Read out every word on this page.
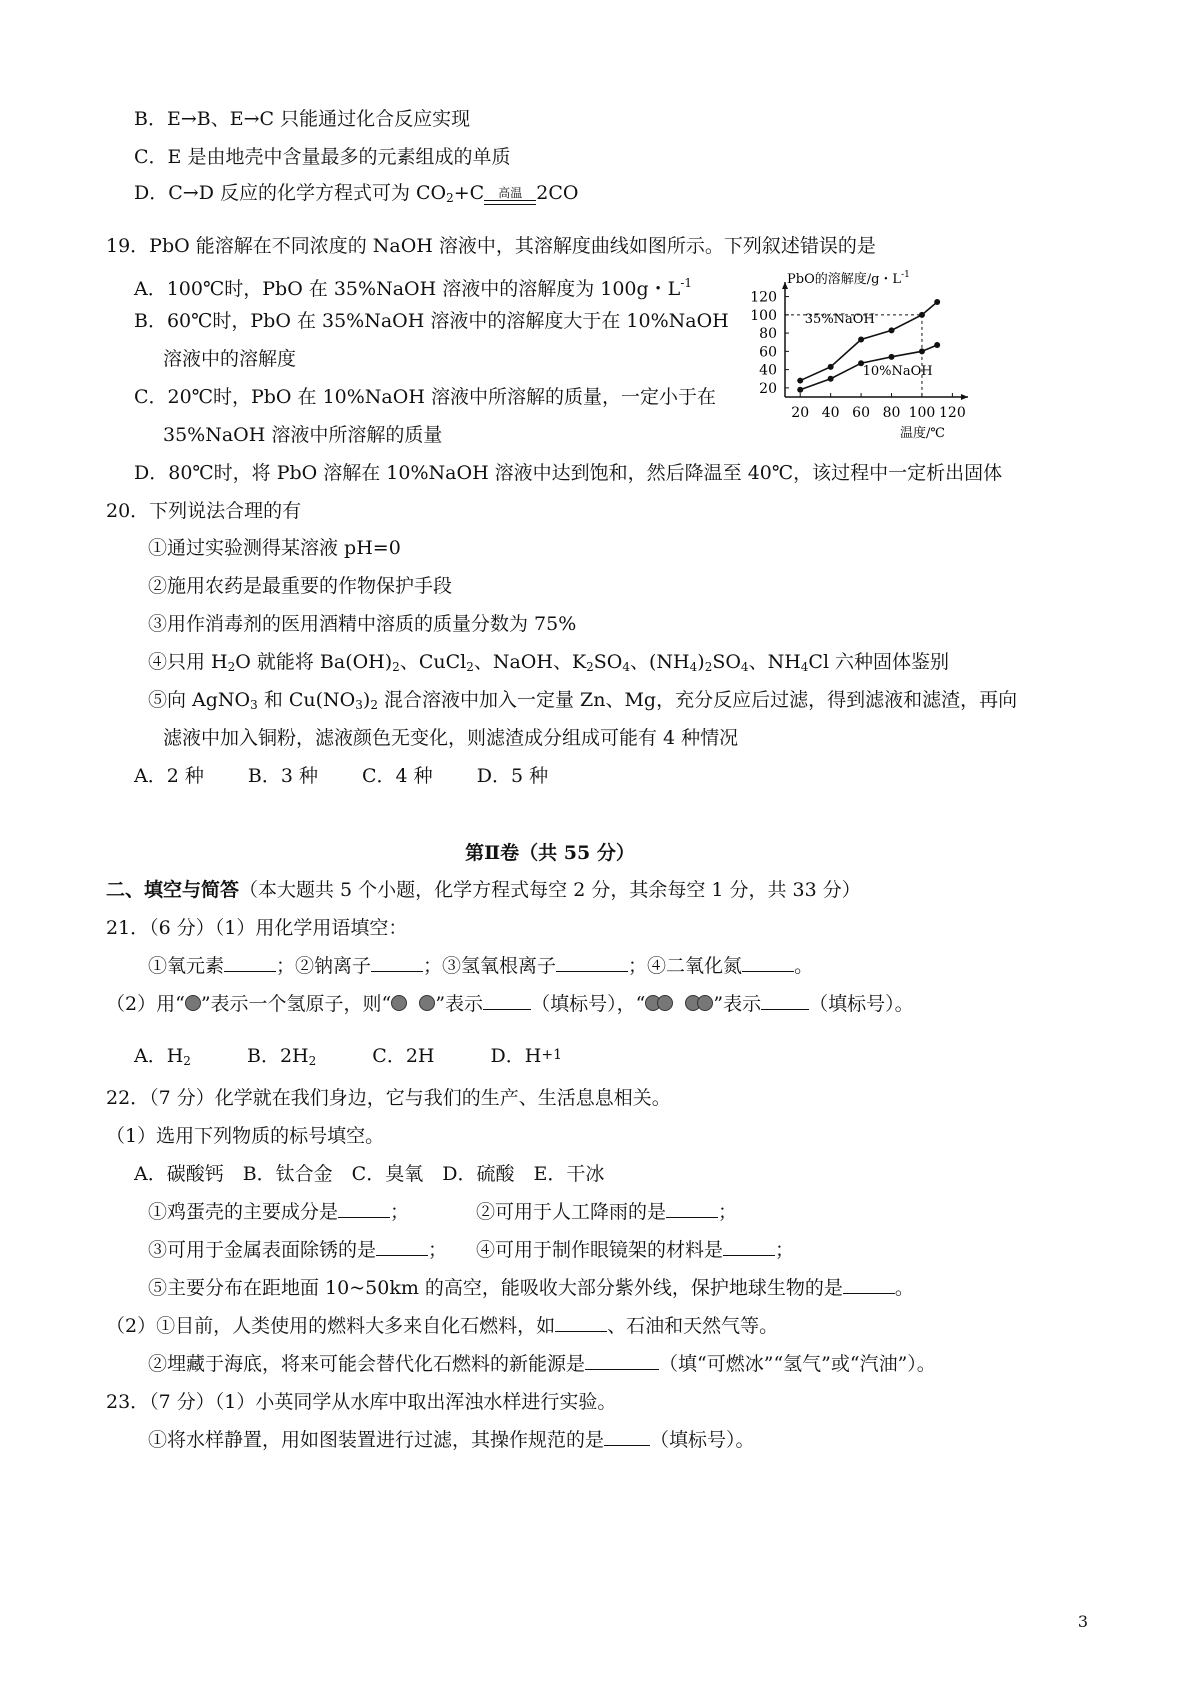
B．E→B、E→C 只能通过化合反应实现
C．E 是由地壳中含量最多的元素组成的单质
D．C→D 反应的化学方程式可为 $CO_2+C$	高温 2CO
19．PbO 能溶解在不同浓度的 NaOH 溶液中，其溶解度曲线如图所示。下列叙述错误的是
A．100℃时，PbO 在 35%NaOH 溶液中的溶解度为 100g・$L^{-1}$
B．60℃时，PbO 在 35%NaOH 溶液中的溶解度大于在 10%NaOH
溶液中的溶解度
C．20℃时，PbO 在 10%NaOH 溶液中所溶解的质量，一定小于在
35%NaOH 溶液中所溶解的质量
D．80℃时，将 PbO 溶解在 10%NaOH 溶液中达到饱和，然后降温至 40℃，该过程中一定析出固体
20 40 60 80 100 120
20
40
60
80
100
120
PbO的溶解度/g・$L^{-1}$
温度/℃
35%NaOH
10%NaOH
20．下列说法合理的有
①通过实验测得某溶液 pH=0
②施用农药是最重要的作物保护手段
③用作消毒剂的医用酒精中溶质的质量分数为 75%
④只用 $H_2O$ 就能将 $Ba(OH)_2$、CuCl$_2$、NaOH、$K_2SO_4$、$(NH_4)_2SO_4$、$NH_4Cl$ 六种固体鉴别
⑤向 AgNO$_3$ 和 $Cu(NO_3)_2$ 混合溶液中加入一定量 Zn、Mg，充分反应后过滤，得到滤液和滤渣，再向
滤液中加入铜粉，滤液颜色无变化，则滤渣成分组成可能有 4 种情况
A．2 种　　 B．3 种　　 C．4 种　　 D．5 种
第Ⅱ卷（共 55 分）
二、填空与简答（本大题共 5 个小题，化学方程式每空 2 分，其余每空 1 分，共 33 分）
21．（6 分）（1）用化学用语填空：
①氧元素	；②钠离子	；③氢氧根离子	；④二氧化氮	。
（2）用“ ”表示一个氢原子，则“ ”表示	（填标号），“	”表示	（填标号）。
A．$H_2$	B．$2H_2$	C．2H	D．H +1
22．（7 分）化学就在我们身边，它与我们的生产、生活息息相关。
（1）选用下列物质的标号填空。
A．碳酸钙　B．钛合金　C．臭氧　D．硫酸　E．干冰
①鸡蛋壳的主要成分是	；	②可用于人工降雨的是	；
③可用于金属表面除锈的是	； ④可用于制作眼镜架的材料是	；
⑤主要分布在距地面 10~50km 的高空，能吸收大部分紫外线，保护地球生物的是	。
（2）①目前，人类使用的燃料大多来自化石燃料，如	、石油和天然气等。
②埋藏于海底，将来可能会替代化石燃料的新能源是	（填“可燃冰”“氢气”或“汽油”）。
23．（7 分）（1）小英同学从水库中取出浑浊水样进行实验。
①将水样静置，用如图装置进行过滤，其操作规范的是 （填标号）。
3
